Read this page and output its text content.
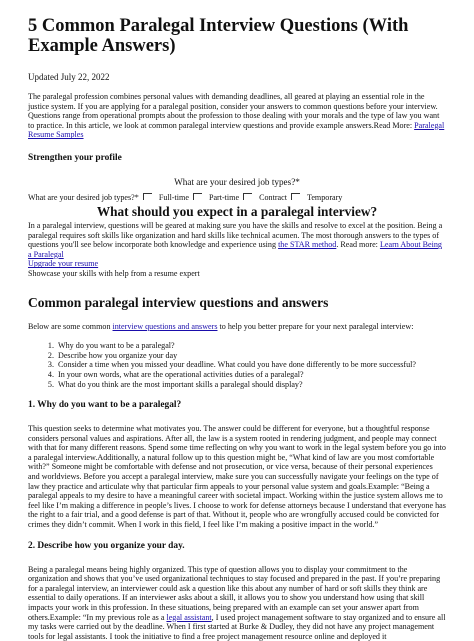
5 Common Paralegal Interview Questions (With Example Answers)
Updated July 22, 2022

The paralegal profession combines personal values with demanding deadlines, all geared at playing an essential role in the justice system. If you are applying for a paralegal position, consider your answers to common questions before your interview. Questions range from operational prompts about the profession to those dealing with your morals and the type of law you want to practice. In this article, we look at common paralegal interview questions and provide example answers.Read More: Paralegal Resume Samples

Strengthen your profile
What are your desired job types?*
What are your desired job types?* Full-time Part-time Contract Temporary
What should you expect in a paralegal interview?

In a paralegal interview, questions will be geared at making sure you have the skills and resolve to excel at the position. Being a paralegal requires soft skills like organization and hard skills like technical acumen. The most thorough answers to the types of questions you'll see below incorporate both knowledge and experience using the STAR method. Read more: Learn About Being a Paralegal
Upgrade your resume
Showcase your skills with help from a resume expert

Common paralegal interview questions and answers

Below are some common interview questions and answers to help you better prepare for your next paralegal interview:

1. Why do you want to be a paralegal?
2. Describe how you organize your day
3. Consider a time when you missed your deadline. What could you have done differently to be more successful?
4. In your own words, what are the operational activities duties of a paralegal?
5. What do you think are the most important skills a paralegal should display?
1. Why do you want to be a paralegal?

This question seeks to determine what motivates you. The answer could be different for everyone, but a thoughtful response considers personal values and aspirations. After all, the law is a system rooted in rendering judgment, and people may connect with that for many different reasons. Spend some time reflecting on why you want to work in the legal system before you go into a paralegal interview.Additionally, a natural follow up to this question might be, “What kind of law are you most comfortable with?” Someone might be comfortable with defense and not prosecution, or vice versa, because of their personal experiences and worldviews. Before you accept a paralegal interview, make sure you can successfully navigate your feelings on the type of law they practice and articulate why that particular firm appeals to your personal value system and goals.Example: “Being a paralegal appeals to my desire to have a meaningful career with societal impact. Working within the justice system allows me to feel like I’m making a difference in people’s lives. I choose to work for defense attorneys because I understand that everyone has the right to a fair trial, and a good defense is part of that. Without it, people who are wrongfully accused could be convicted for crimes they didn’t commit. When I work in this field, I feel like I’m making a positive impact in the world.”

2. Describe how you organize your day.

Being a paralegal means being highly organized. This type of question allows you to display your commitment to the organization and shows that you’ve used organizational techniques to stay focused and prepared in the past. If you’re preparing for a paralegal interview, an interviewer could ask a question like this about any number of hard or soft skills they think are essential to daily operations. If an interviewer asks about a skill, it allows you to show you understand how using that skill impacts your work in this profession. In these situations, being prepared with an example can set your answer apart from others.Example: “In my previous role as a legal assistant, I used project management software to stay organized and to ensure all my tasks were carried out by the deadline. When I first started at Burke & Dudley, they did not have any project management tools for legal assistants. I took the initiative to find a free project management resource online and deployed it
